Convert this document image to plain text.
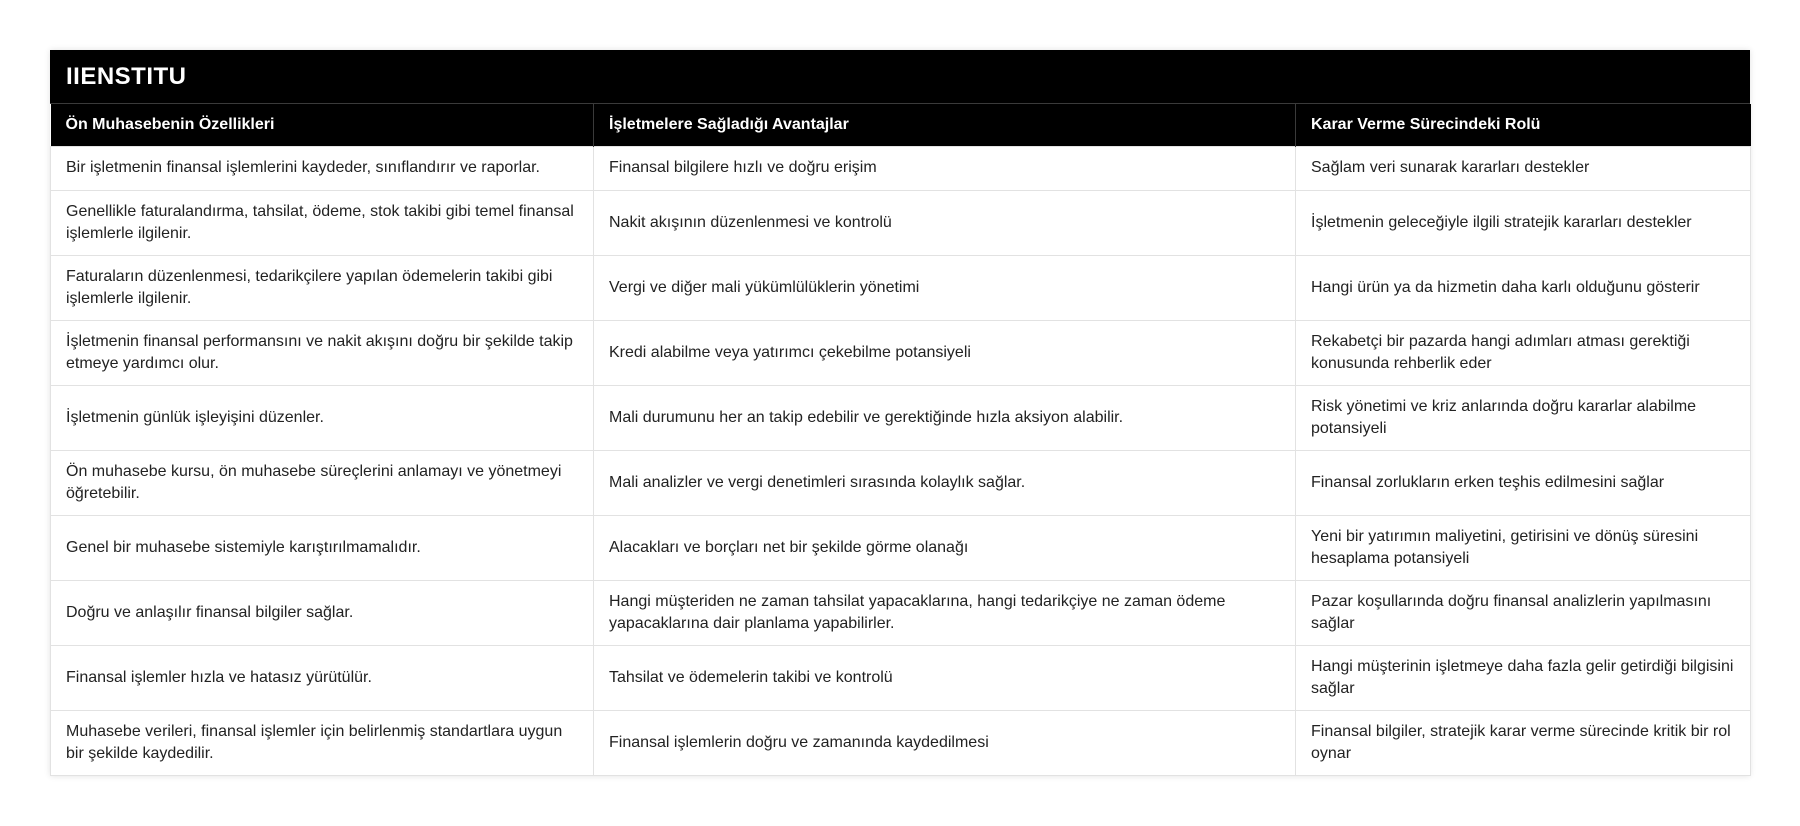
IIENSTITU
Ön Muhasebenin Özellikleri	İşletmelere Sağladığı Avantajlar	Karar Verme Sürecindeki Rolü
Bir işletmenin finansal işlemlerini kaydeder, sınıflandırır ve raporlar.	Finansal bilgilere hızlı ve doğru erişim	Sağlam veri sunarak kararları destekler
Genellikle faturalandırma, tahsilat, ödeme, stok takibi gibi temel finansal işlemlerle ilgilenir.	Nakit akışının düzenlenmesi ve kontrolü	İşletmenin geleceğiyle ilgili stratejik kararları destekler
Faturaların düzenlenmesi, tedarikçilere yapılan ödemelerin takibi gibi işlemlerle ilgilenir.	Vergi ve diğer mali yükümlülüklerin yönetimi	Hangi ürün ya da hizmetin daha karlı olduğunu gösterir
İşletmenin finansal performansını ve nakit akışını doğru bir şekilde takip etmeye yardımcı olur.	Kredi alabilme veya yatırımcı çekebilme potansiyeli	Rekabetçi bir pazarda hangi adımları atması gerektiği konusunda rehberlik eder
İşletmenin günlük işleyişini düzenler.	Mali durumunu her an takip edebilir ve gerektiğinde hızla aksiyon alabilir.	Risk yönetimi ve kriz anlarında doğru kararlar alabilme potansiyeli
Ön muhasebe kursu, ön muhasebe süreçlerini anlamayı ve yönetmeyi öğretebilir.	Mali analizler ve vergi denetimleri sırasında kolaylık sağlar.	Finansal zorlukların erken teşhis edilmesini sağlar
Genel bir muhasebe sistemiyle karıştırılmamalıdır.	Alacakları ve borçları net bir şekilde görme olanağı	Yeni bir yatırımın maliyetini, getirisini ve dönüş süresini hesaplama potansiyeli
Doğru ve anlaşılır finansal bilgiler sağlar.	Hangi müşteriden ne zaman tahsilat yapacaklarına, hangi tedarikçiye ne zaman ödeme yapacaklarına dair planlama yapabilirler.	Pazar koşullarında doğru finansal analizlerin yapılmasını sağlar
Finansal işlemler hızla ve hatasız yürütülür.	Tahsilat ve ödemelerin takibi ve kontrolü	Hangi müşterinin işletmeye daha fazla gelir getirdiği bilgisini sağlar
Muhasebe verileri, finansal işlemler için belirlenmiş standartlara uygun bir şekilde kaydedilir.	Finansal işlemlerin doğru ve zamanında kaydedilmesi	Finansal bilgiler, stratejik karar verme sürecinde kritik bir rol oynar
